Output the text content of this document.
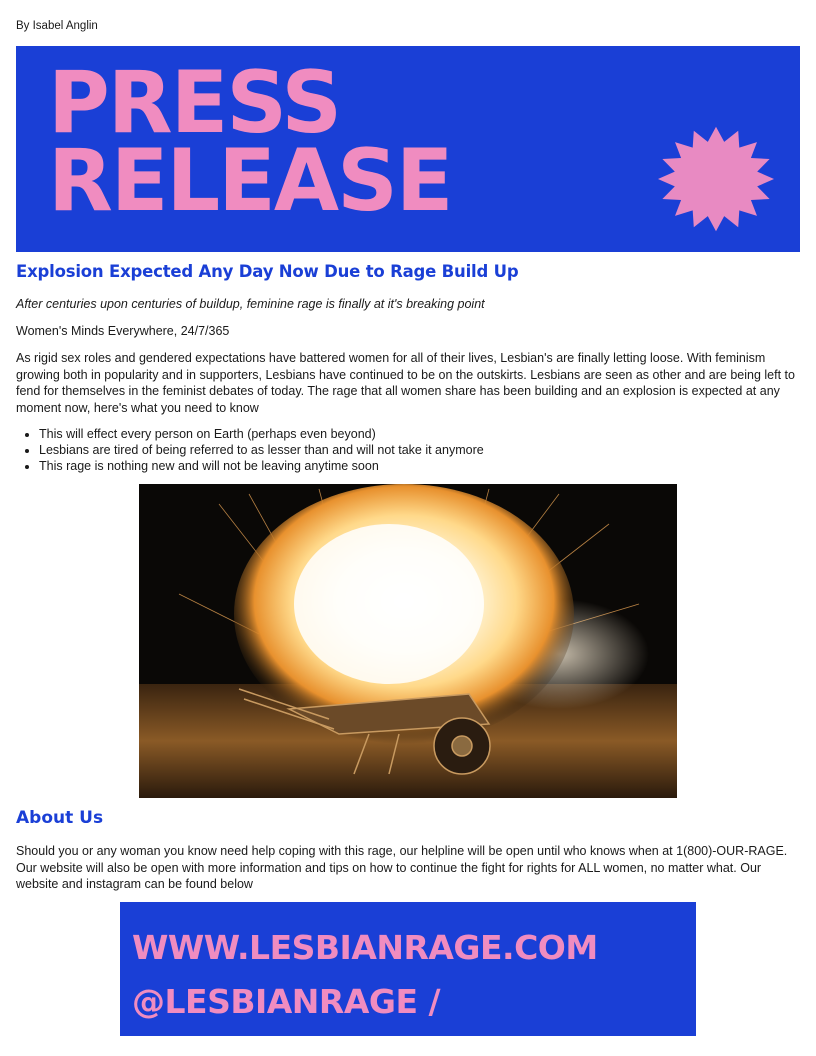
By Isabel Anglin
PRESS
RELEASE
Explosion Expected Any Day Now Due to Rage Build Up
After centuries upon centuries of buildup, feminine rage is finally at it's breaking point
Women's Minds Everywhere, 24/7/365
As rigid sex roles and gendered expectations have battered women for all of their lives, Lesbian's are finally letting loose. With feminism growing both in popularity and in supporters, Lesbians have continued to be on the outskirts. Lesbians are seen as other and are being left to fend for themselves in the feminist debates of today. The rage that all women share has been building and an explosion is expected at any moment now, here's what you need to know
• This will effect every person on Earth (perhaps even beyond)
• Lesbians are tired of being referred to as lesser than and will not take it anymore
• This rage is nothing new and will not be leaving anytime soon
About Us
Should you or any woman you know need help coping with this rage, our helpline will be open until who knows when at 1(800)-OUR-RAGE. Our website will also be open with more information and tips on how to continue the fight for rights for ALL women, no matter what. Our website and instagram can be found below
WWW.LESBIANRAGE.COM
@LESBIANRAGE /
